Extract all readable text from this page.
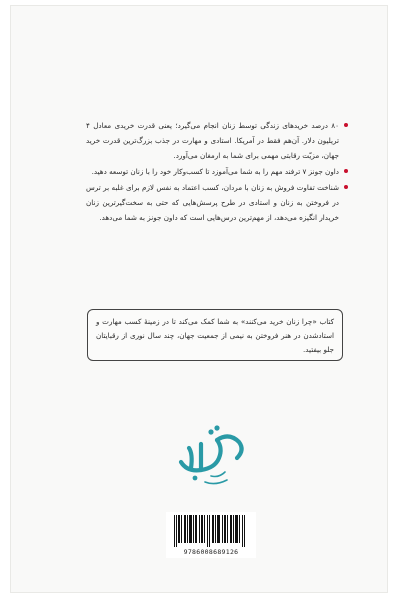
۸۰ درصد خریدهای زندگی توسط زنان انجام می‌گیرد؛ یعنی قدرت خریدی معادل ۴ تریلیون دلار. آن‌هم فقط در آمریکا. استادی و مهارت در جذب بزرگ‌ترین قدرت خرید جهان، مزیّت رقابتی مهمی برای شما به ارمغان می‌آورد.
داون جونز ۷ ترفند مهم را به شما می‌آموزد تا کسب‌وکار خود را با زنان توسعه دهید.
شناخت تفاوت فروش به زنان با مردان، کسب اعتماد به نفس لازم برای غلبه بر ترس در فروختن به زنان و استادی در طرح پرسش‌هایی که حتی به سخت‌گیرترین زنان خریدار انگیزه می‌دهد، از مهم‌ترین درس‌هایی است که داون جونز به شما می‌دهد.
کتاب «چرا زنان خرید می‌کنند» به شما کمک می‌کند تا در زمینهٔ کسب مهارت و استادشدن در هنر فروختن به نیمی از جمعیت جهان، چند سال نوری از رقبایتان جلو بیفتید.
9786008689126
